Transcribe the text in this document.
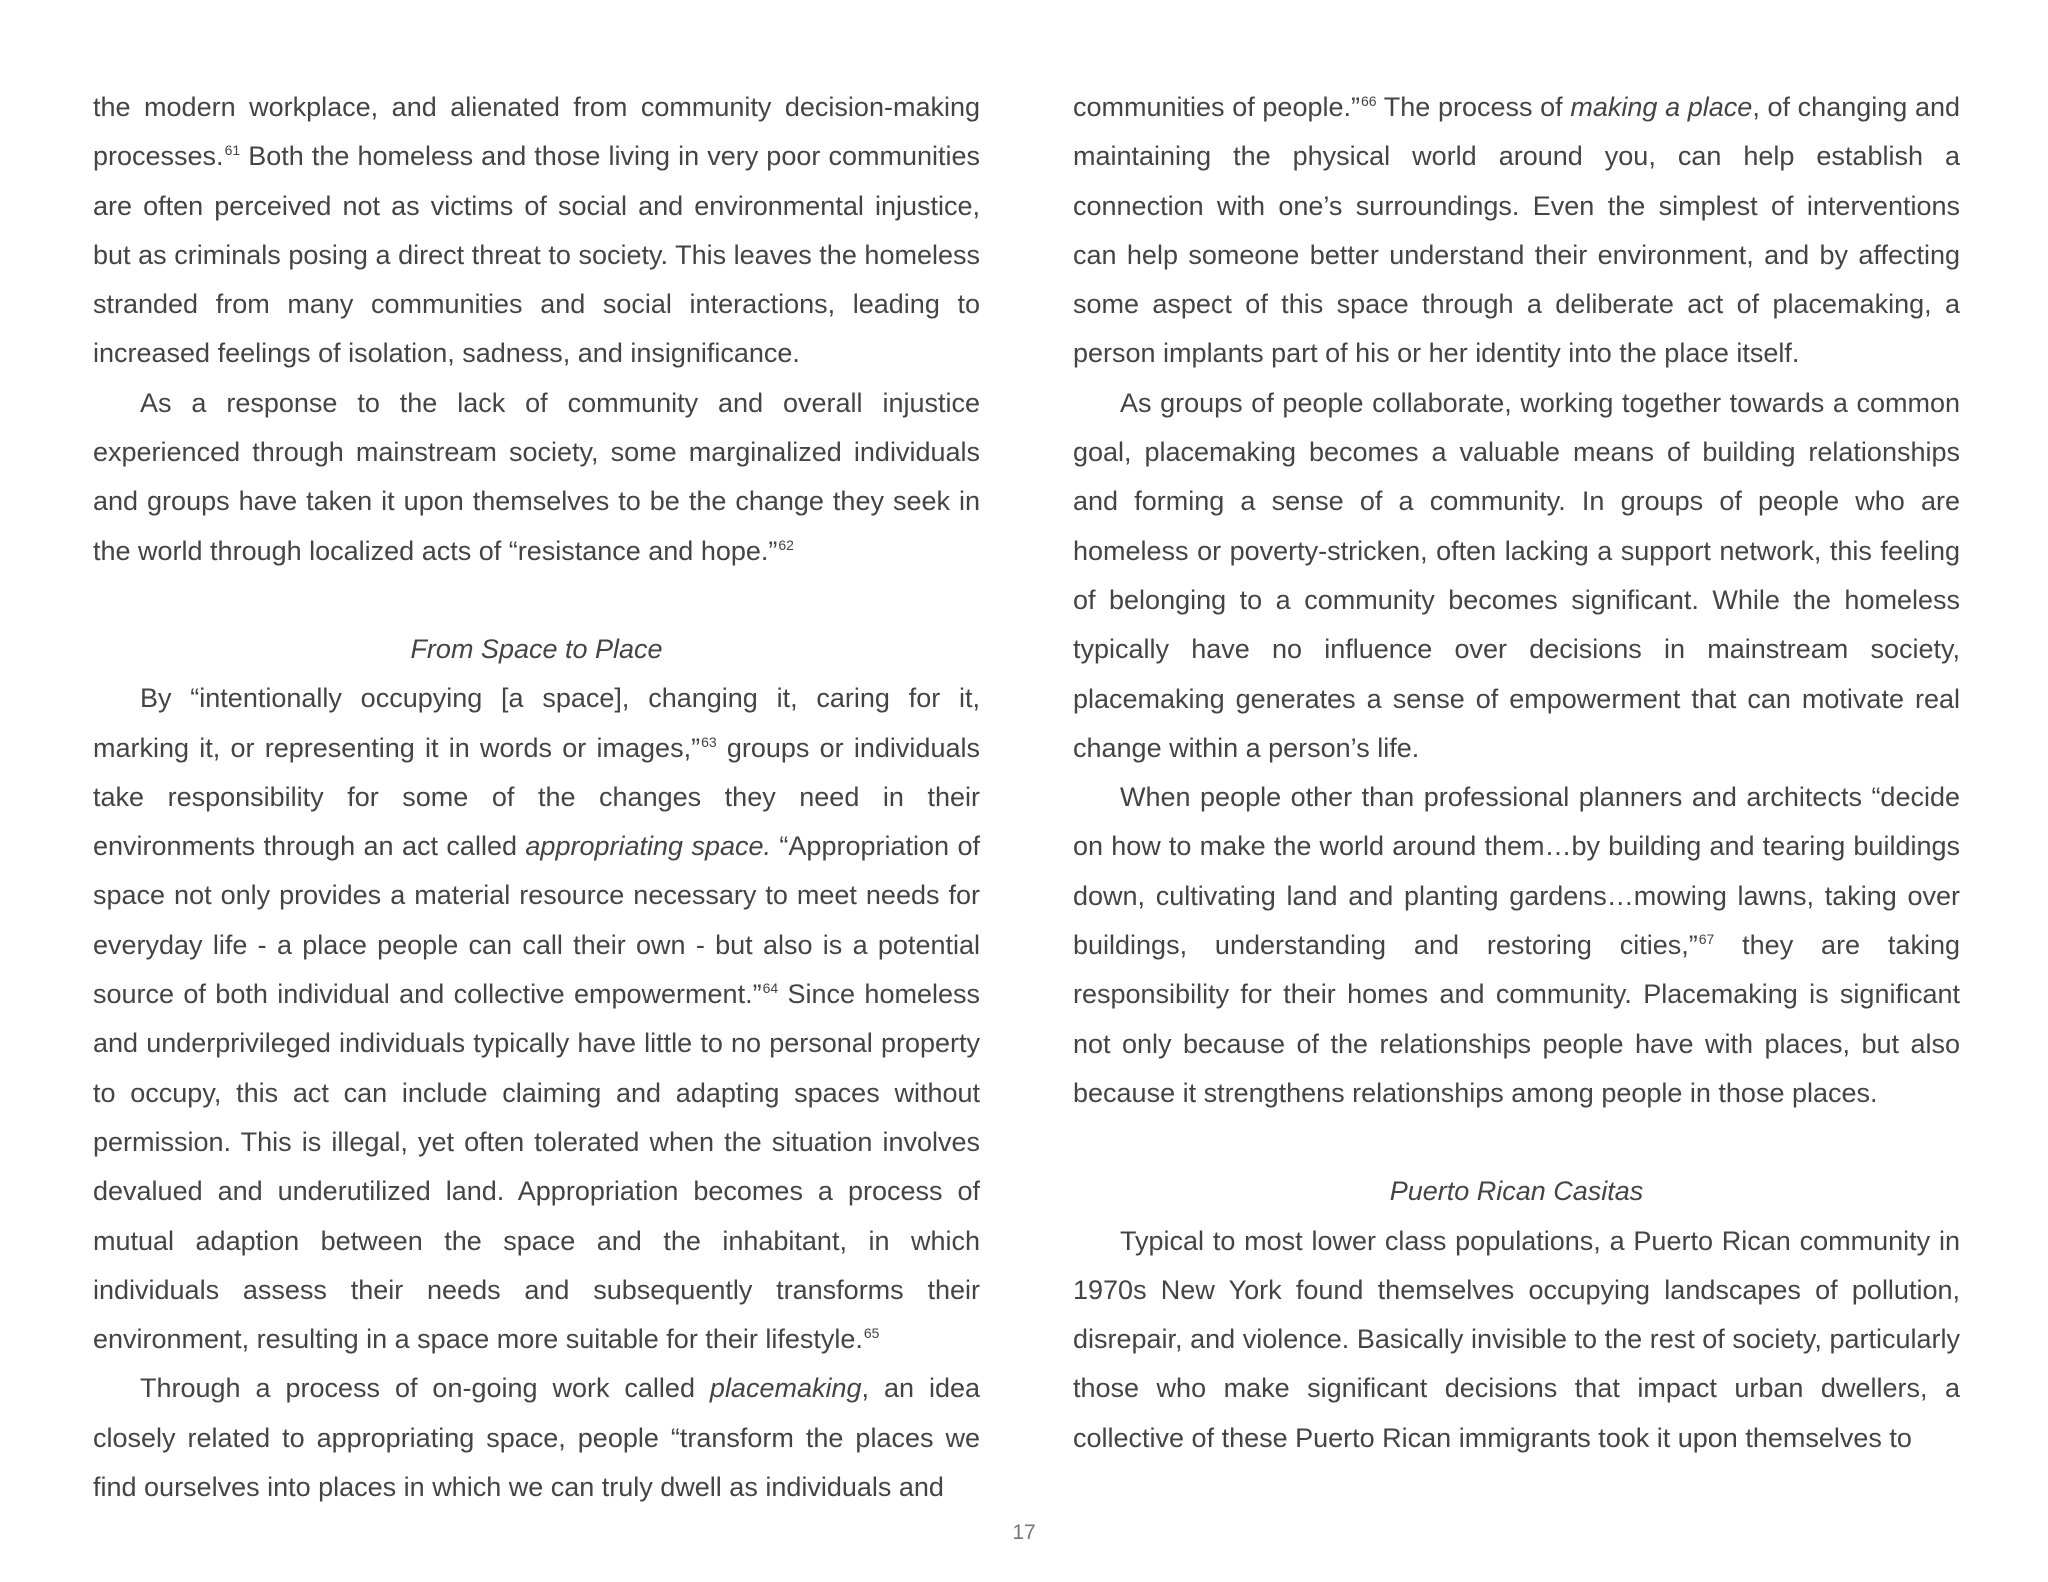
the modern workplace, and alienated from community decision-making processes.$^{61}$ Both the homeless and those living in very poor communities are often perceived not as victims of social and environmental injustice, but as criminals posing a direct threat to society. This leaves the homeless stranded from many communities and social interactions, leading to increased feelings of isolation, sadness, and insignificance.

As a response to the lack of community and overall injustice experienced through mainstream society, some marginalized individuals and groups have taken it upon themselves to be the change they seek in the world through localized acts of “resistance and hope.”$^{62}$

From Space to Place

By “intentionally occupying [a space], changing it, caring for it, marking it, or representing it in words or images,”$^{63}$ groups or individuals take responsibility for some of the changes they need in their environments through an act called appropriating space. “Appropriation of space not only provides a material resource necessary to meet needs for everyday life - a place people can call their own - but also is a potential source of both individual and collective empowerment.”$^{64}$ Since homeless and underprivileged individuals typically have little to no personal property to occupy, this act can include claiming and adapting spaces without permission. This is illegal, yet often tolerated when the situation involves devalued and underutilized land. Appropriation becomes a process of mutual adaption between the space and the inhabitant, in which individuals assess their needs and subsequently transforms their environment, resulting in a space more suitable for their lifestyle.$^{65}$

Through a process of on-going work called placemaking, an idea closely related to appropriating space, people “transform the places we find ourselves into places in which we can truly dwell as individuals and

communities of people.”$^{66}$ The process of making a place, of changing and maintaining the physical world around you, can help establish a connection with one’s surroundings. Even the simplest of interventions can help someone better understand their environment, and by affecting some aspect of this space through a deliberate act of placemaking, a person implants part of his or her identity into the place itself.

As groups of people collaborate, working together towards a common goal, placemaking becomes a valuable means of building relationships and forming a sense of a community. In groups of people who are homeless or poverty-stricken, often lacking a support network, this feeling of belonging to a community becomes significant. While the homeless typically have no influence over decisions in mainstream society, placemaking generates a sense of empowerment that can motivate real change within a person’s life.

When people other than professional planners and architects “decide on how to make the world around them…by building and tearing buildings down, cultivating land and planting gardens…mowing lawns, taking over buildings, understanding and restoring cities,”$^{67}$ they are taking responsibility for their homes and community. Placemaking is significant not only because of the relationships people have with places, but also because it strengthens relationships among people in those places.

Puerto Rican Casitas

Typical to most lower class populations, a Puerto Rican community in 1970s New York found themselves occupying landscapes of pollution, disrepair, and violence. Basically invisible to the rest of society, particularly those who make significant decisions that impact urban dwellers, a collective of these Puerto Rican immigrants took it upon themselves to

17
